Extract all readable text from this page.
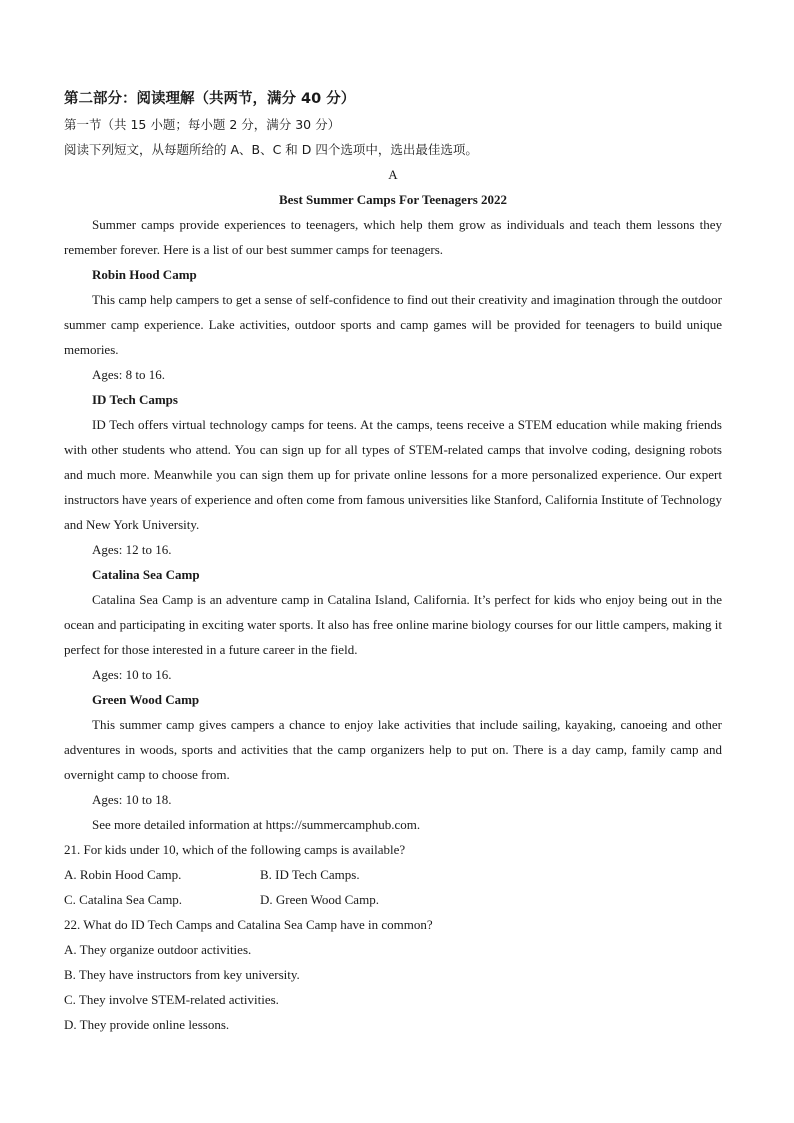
第二部分：阅读理解（共两节，满分 40 分）
第一节（共 15 小题；每小题 2 分，满分 30 分）
阅读下列短文，从每题所给的 A、B、C 和 D 四个选项中，选出最佳选项。
A
Best Summer Camps For Teenagers 2022

Summer camps provide experiences to teenagers, which help them grow as individuals and teach them lessons they remember forever. Here is a list of our best summer camps for teenagers.

Robin Hood Camp

This camp help campers to get a sense of self-confidence to find out their creativity and imagination through the outdoor summer camp experience. Lake activities, outdoor sports and camp games will be provided for teenagers to build unique memories.

Ages: 8 to 16.
ID Tech Camps

ID Tech offers virtual technology camps for teens. At the camps, teens receive a STEM education while making friends with other students who attend. You can sign up for all types of STEM-related camps that involve coding, designing robots and much more. Meanwhile you can sign them up for private online lessons for a more personalized experience. Our expert instructors have years of experience and often come from famous universities like Stanford, California Institute of Technology and New York University.

Ages: 12 to 16.
Catalina Sea Camp

Catalina Sea Camp is an adventure camp in Catalina Island, California. It’s perfect for kids who enjoy being out in the ocean and participating in exciting water sports. It also has free online marine biology courses for our little campers, making it perfect for those interested in a future career in the field.

Ages: 10 to 16.
Green Wood Camp

This summer camp gives campers a chance to enjoy lake activities that include sailing, kayaking, canoeing and other adventures in woods, sports and activities that the camp organizers help to put on. There is a day camp, family camp and overnight camp to choose from.

Ages: 10 to 18.
See more detailed information at https://summercamphub.com.
21. For kids under 10, which of the following camps is available?
A. Robin Hood Camp.	B. ID Tech Camps.
C. Catalina Sea Camp.	D. Green Wood Camp.
22. What do ID Tech Camps and Catalina Sea Camp have in common?
A. They organize outdoor activities.
B. They have instructors from key university.
C. They involve STEM-related activities.
D. They provide online lessons.
